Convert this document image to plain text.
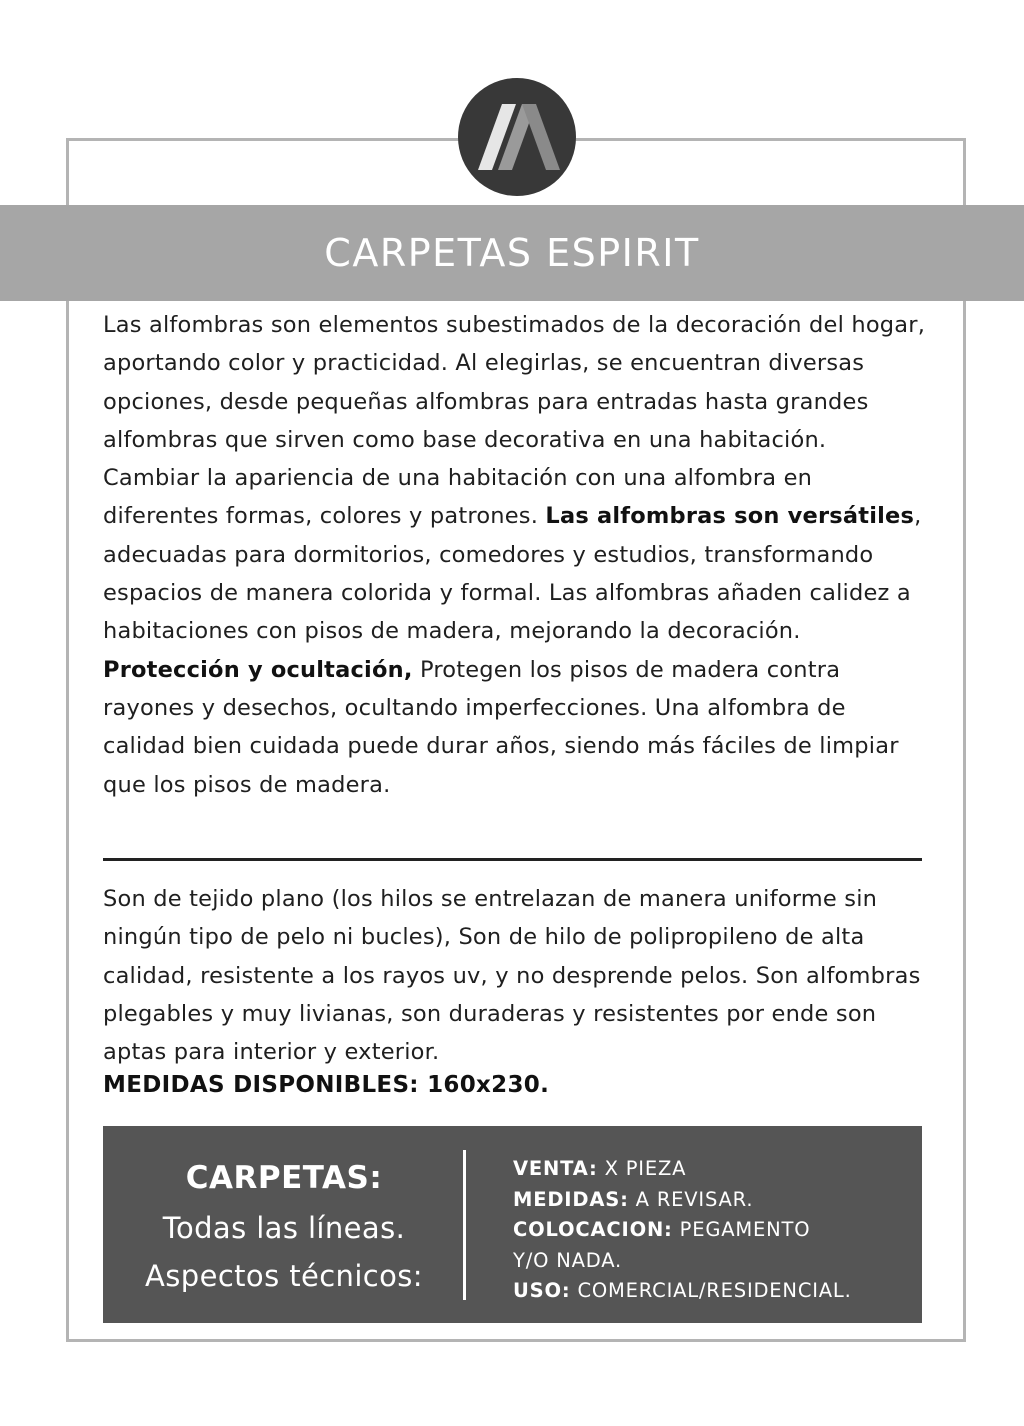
CARPETAS ESPIRIT

Las alfombras son elementos subestimados de la decoración del hogar, aportando color y practicidad. Al elegirlas, se encuentran diversas opciones, desde pequeñas alfombras para entradas hasta grandes alfombras que sirven como base decorativa en una habitación. Cambiar la apariencia de una habitación con una alfombra en diferentes formas, colores y patrones. Las alfombras son versátiles, adecuadas para dormitorios, comedores y estudios, transformando espacios de manera colorida y formal. Las alfombras añaden calidez a habitaciones con pisos de madera, mejorando la decoración. Protección y ocultación, Protegen los pisos de madera contra rayones y desechos, ocultando imperfecciones. Una alfombra de calidad bien cuidada puede durar años, siendo más fáciles de limpiar que los pisos de madera.

Son de tejido plano (los hilos se entrelazan de manera uniforme sin ningún tipo de pelo ni bucles), Son de hilo de polipropileno de alta calidad, resistente a los rayos uv, y no desprende pelos. Son alfombras plegables y muy livianas, son duraderas y resistentes por ende son aptas para interior y exterior.

MEDIDAS DISPONIBLES: 160x230.

CARPETAS:

Todas las líneas.

Aspectos técnicos:

VENTA: X PIEZA

MEDIDAS: A REVISAR.

COLOCACION: PEGAMENTO

Y/O NADA.

USO: COMERCIAL/RESIDENCIAL.
